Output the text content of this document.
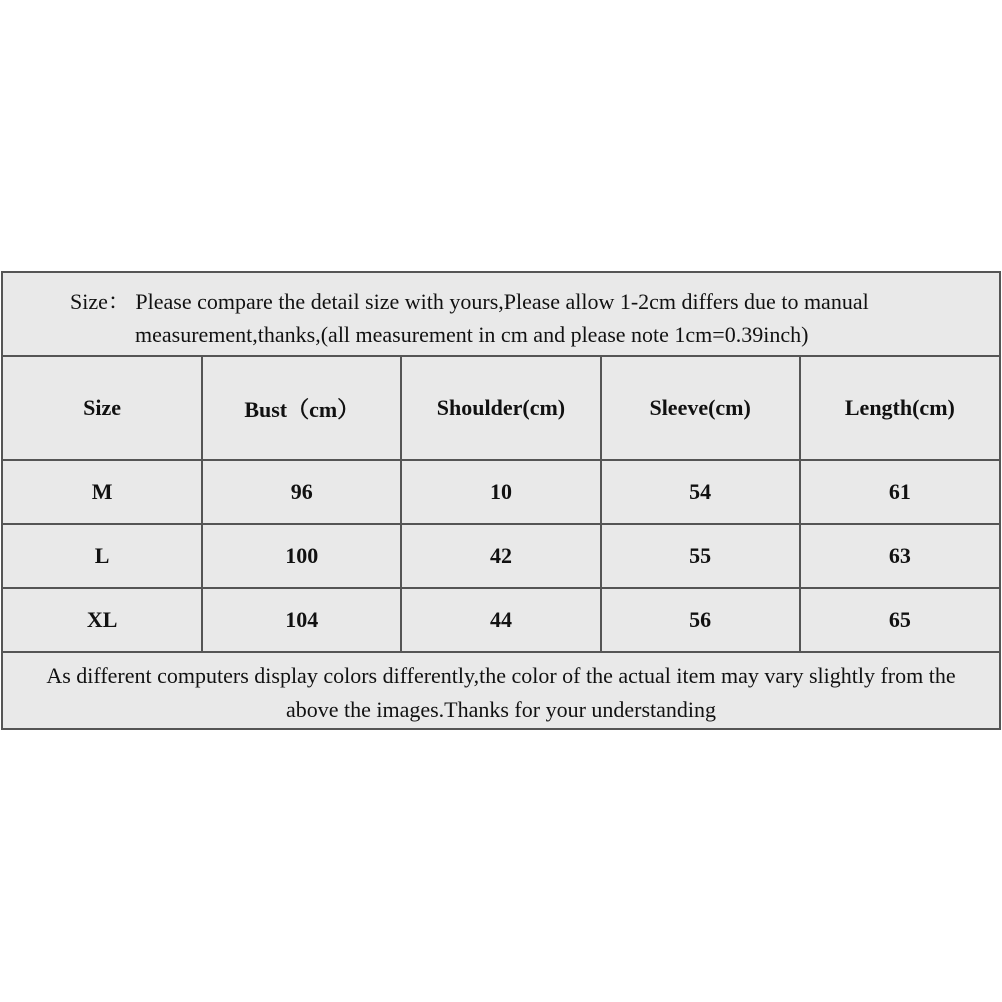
Size： Please compare the detail size with yours,Please allow 1-2cm differs due to manual
measurement,thanks,(all measurement in cm and please note 1cm=0.39inch)
Size	Bust（cm）	Shoulder(cm)	Sleeve(cm)	Length(cm)
M	96	10	54	61
L	100	42	55	63
XL	104	44	56	65
As different computers display colors differently,the color of the actual item may vary slightly from the
above the images.Thanks for your understanding
